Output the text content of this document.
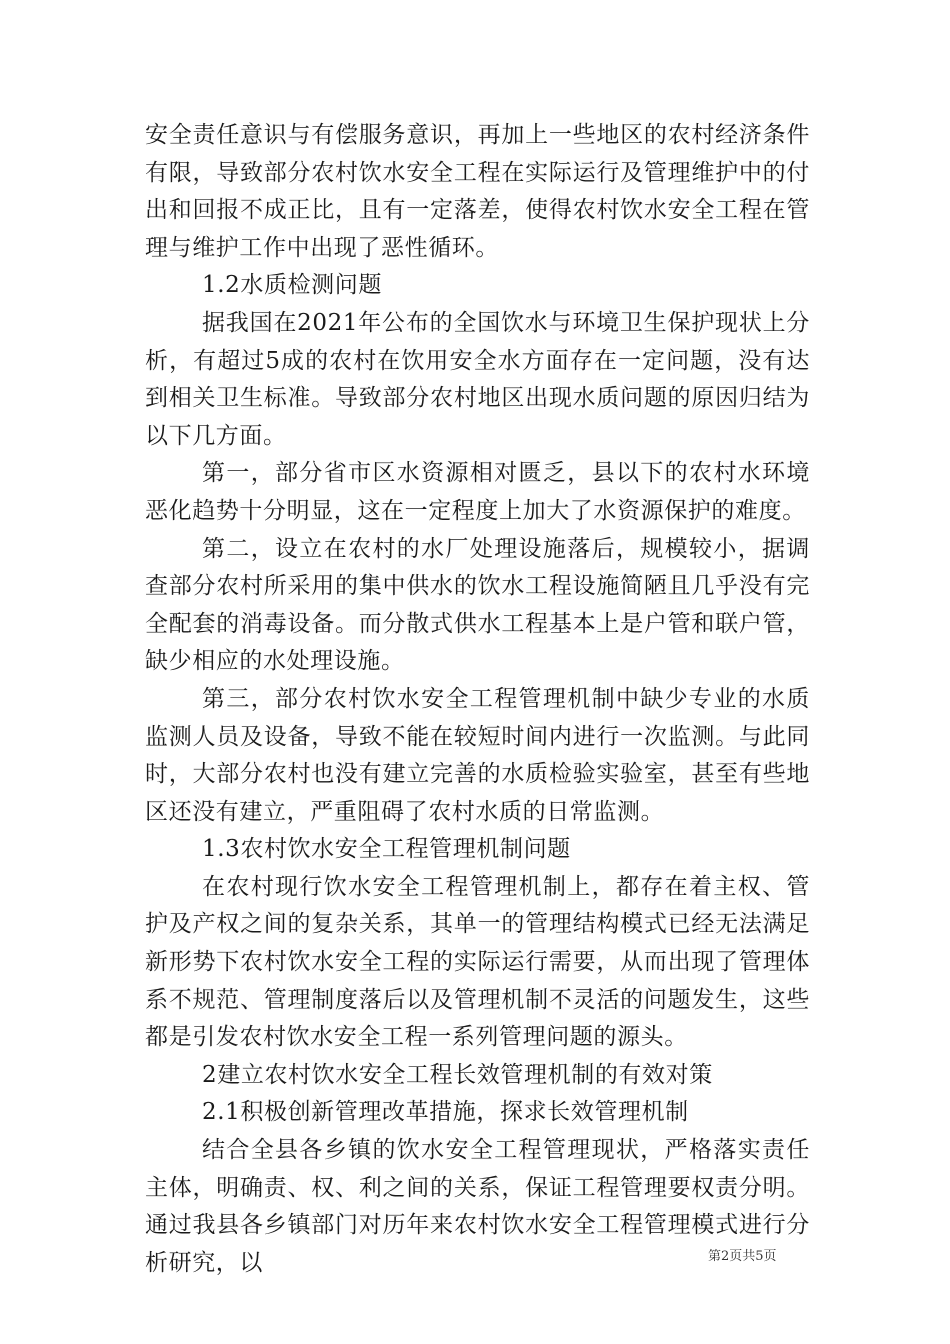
安全责任意识与有偿服务意识，再加上一些地区的农村经济条件有限，导致部分农村饮水安全工程在实际运行及管理维护中的付出和回报不成正比，且有一定落差，使得农村饮水安全工程在管理与维护工作中出现了恶性循环。

1.2水质检测问题

据我国在2021年公布的全国饮水与环境卫生保护现状上分析，有超过5成的农村在饮用安全水方面存在一定问题，没有达到相关卫生标准。导致部分农村地区出现水质问题的原因归结为以下几方面。

第一，部分省市区水资源相对匮乏，县以下的农村水环境恶化趋势十分明显，这在一定程度上加大了水资源保护的难度。

第二，设立在农村的水厂处理设施落后，规模较小，据调查部分农村所采用的集中供水的饮水工程设施简陋且几乎没有完全配套的消毒设备。而分散式供水工程基本上是户管和联户管，缺少相应的水处理设施。

第三，部分农村饮水安全工程管理机制中缺少专业的水质监测人员及设备，导致不能在较短时间内进行一次监测。与此同时，大部分农村也没有建立完善的水质检验实验室，甚至有些地区还没有建立，严重阻碍了农村水质的日常监测。

1.3农村饮水安全工程管理机制问题

在农村现行饮水安全工程管理机制上，都存在着主权、管护及产权之间的复杂关系，其单一的管理结构模式已经无法满足新形势下农村饮水安全工程的实际运行需要，从而出现了管理体系不规范、管理制度落后以及管理机制不灵活的问题发生，这些都是引发农村饮水安全工程一系列管理问题的源头。

2建立农村饮水安全工程长效管理机制的有效对策

2.1积极创新管理改革措施，探求长效管理机制

结合全县各乡镇的饮水安全工程管理现状，严格落实责任主体，明确责、权、利之间的关系，保证工程管理要权责分明。通过我县各乡镇部门对历年来农村饮水安全工程管理模式进行分析研究，以	第2页共5页
